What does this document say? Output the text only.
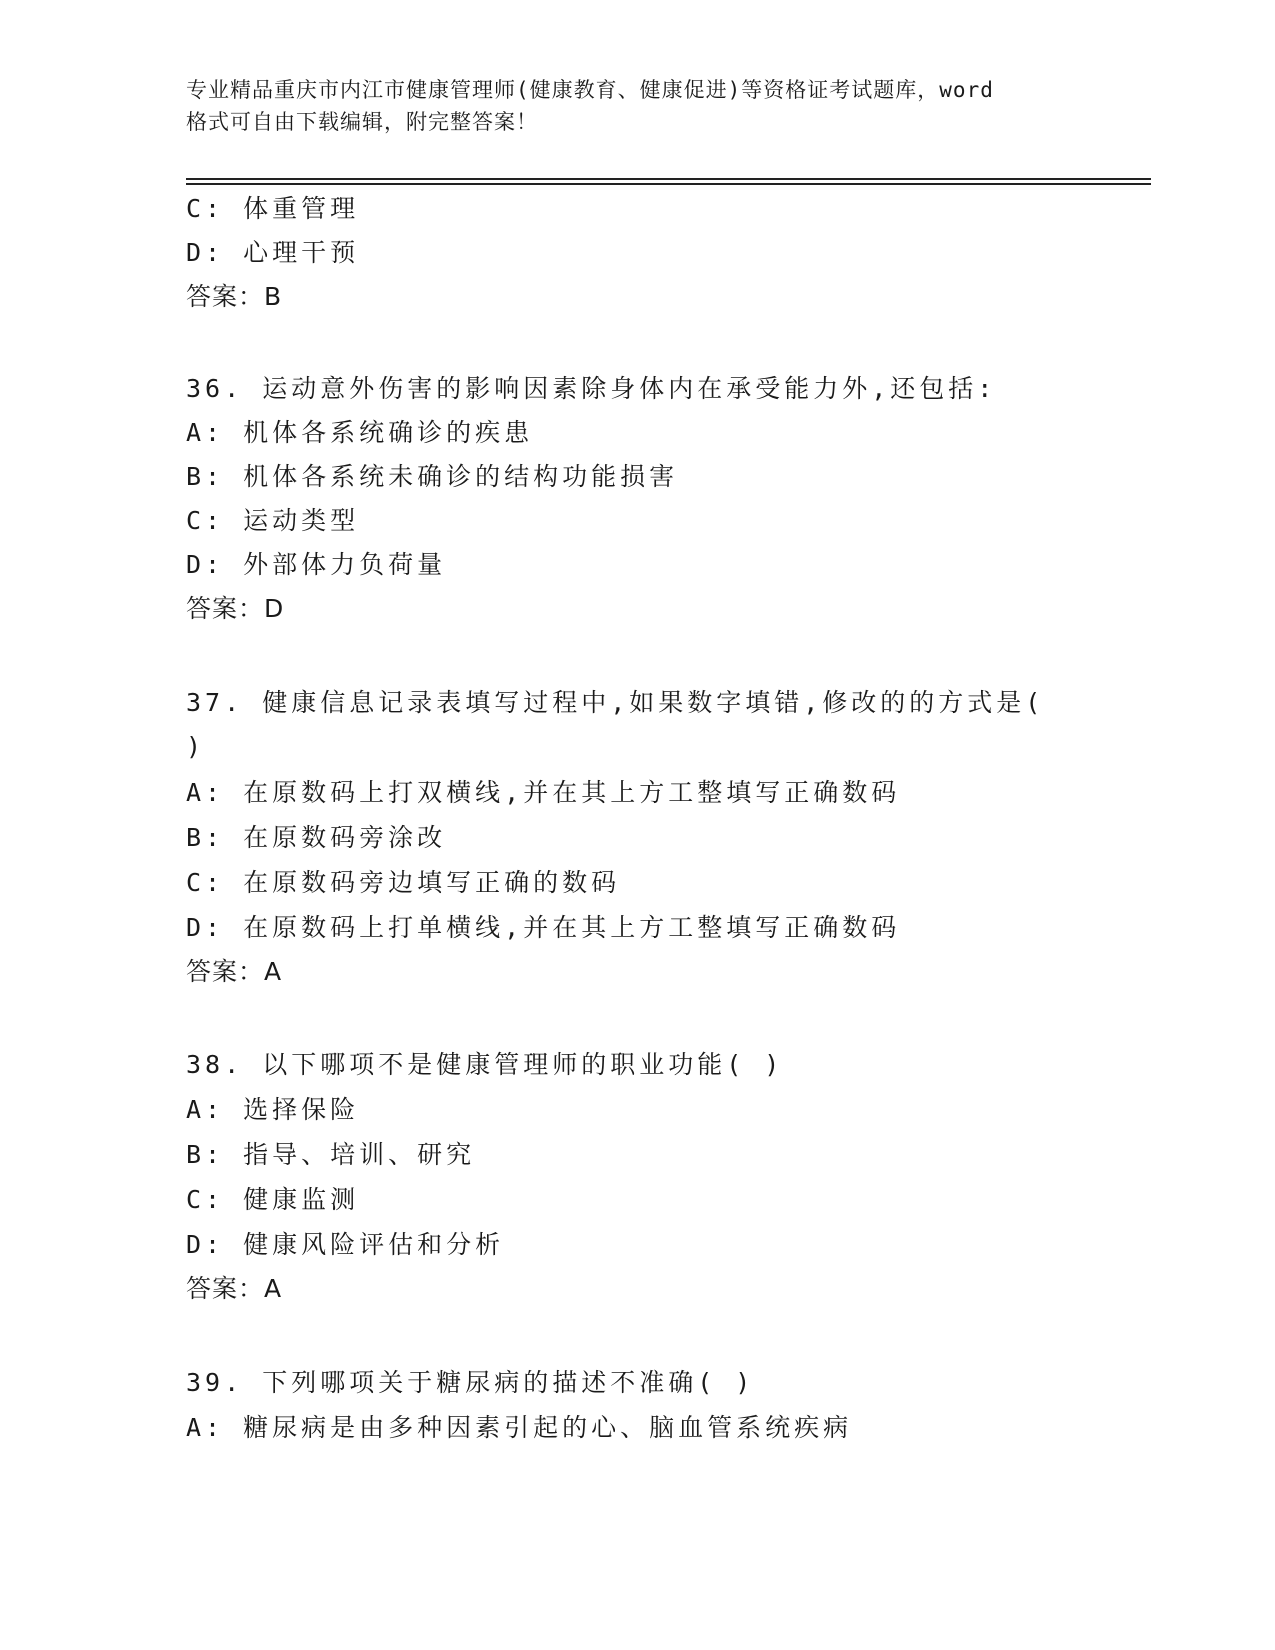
专业精品重庆市内江市健康管理师(健康教育、健康促进)等资格证考试题库，word
格式可自由下载编辑，附完整答案！
C: 体重管理
D: 心理干预
答案：B
36. 运动意外伤害的影响因素除身体内在承受能力外,还包括:
A: 机体各系统确诊的疾患
B: 机体各系统未确诊的结构功能损害
C: 运动类型
D: 外部体力负荷量
答案：D
37. 健康信息记录表填写过程中,如果数字填错,修改的的方式是(
)
A: 在原数码上打双横线,并在其上方工整填写正确数码
B: 在原数码旁涂改
C: 在原数码旁边填写正确的数码
D: 在原数码上打单横线,并在其上方工整填写正确数码
答案：A
38. 以下哪项不是健康管理师的职业功能( )
A: 选择保险
B: 指导、培训、研究
C: 健康监测
D: 健康风险评估和分析
答案：A
39. 下列哪项关于糖尿病的描述不准确( )
A: 糖尿病是由多种因素引起的心、脑血管系统疾病
